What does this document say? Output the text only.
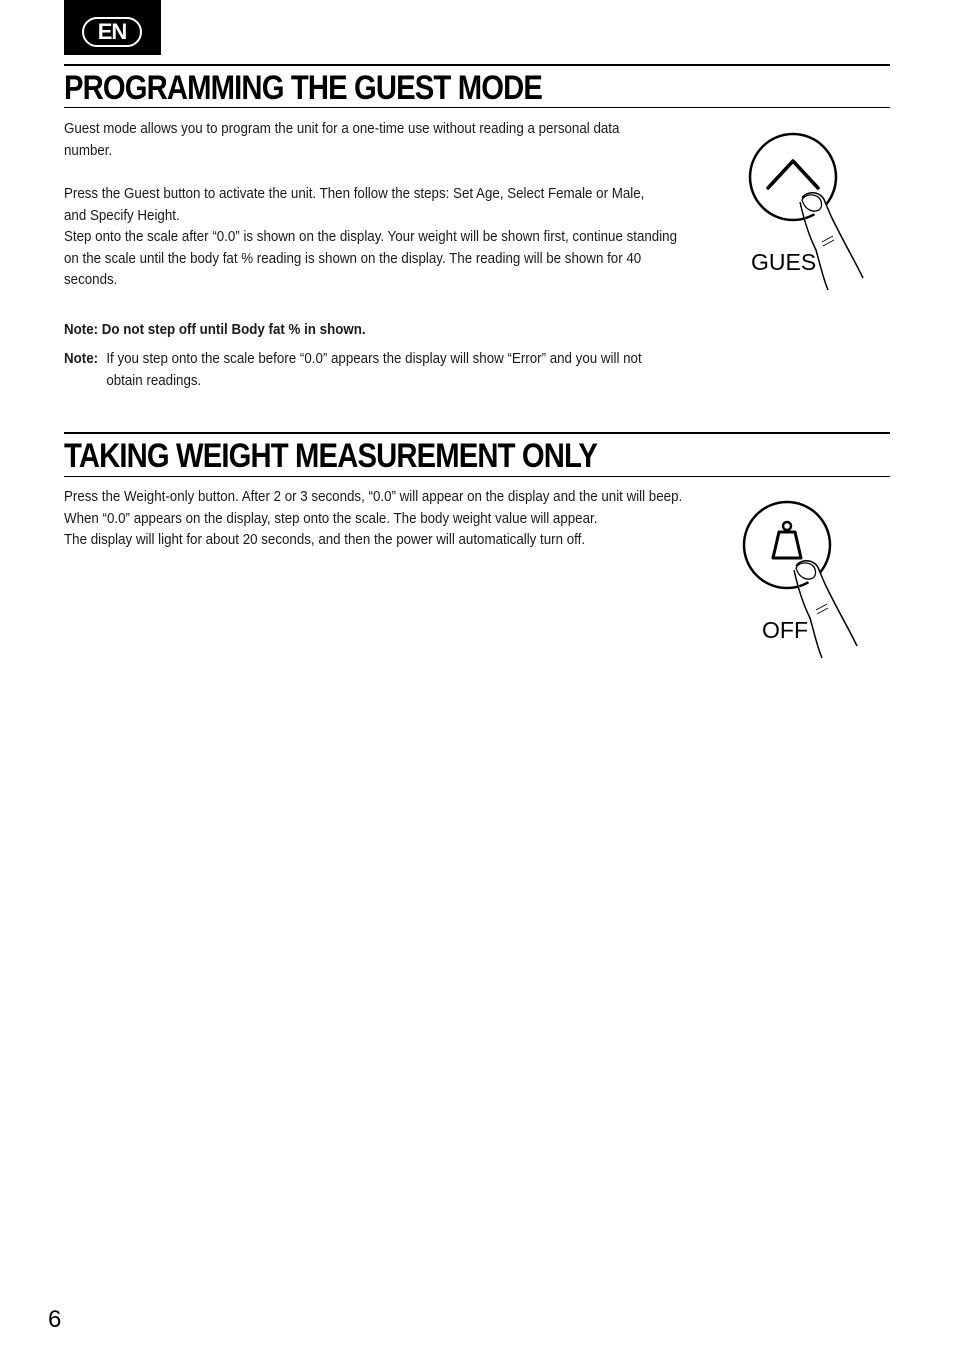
EN
PROGRAMMING THE GUEST MODE

Guest mode allows you to program the unit for a one-time use without reading a personal data number.

Press the Guest button to activate the unit. Then follow the steps: Set Age, Select Female or Male,
and Specify Height.

Step onto the scale after “0.0” is shown on the display. Your weight will be shown first, continue standing on the scale until the body fat % reading is shown on the display. The reading will be shown for 40 seconds.

Note: Do not step off until Body fat % in shown.

Note: If you step onto the scale before “0.0” appears the display will show “Error” and you will not obtain readings.
GUES
TAKING WEIGHT MEASUREMENT ONLY

Press the Weight-only button. After 2 or 3 seconds, “0.0” will appear on the display and the unit will beep. When “0.0” appears on the display, step onto the scale. The body weight value will appear.

The display will light for about 20 seconds, and then the power will automatically turn off.

OFF
6
